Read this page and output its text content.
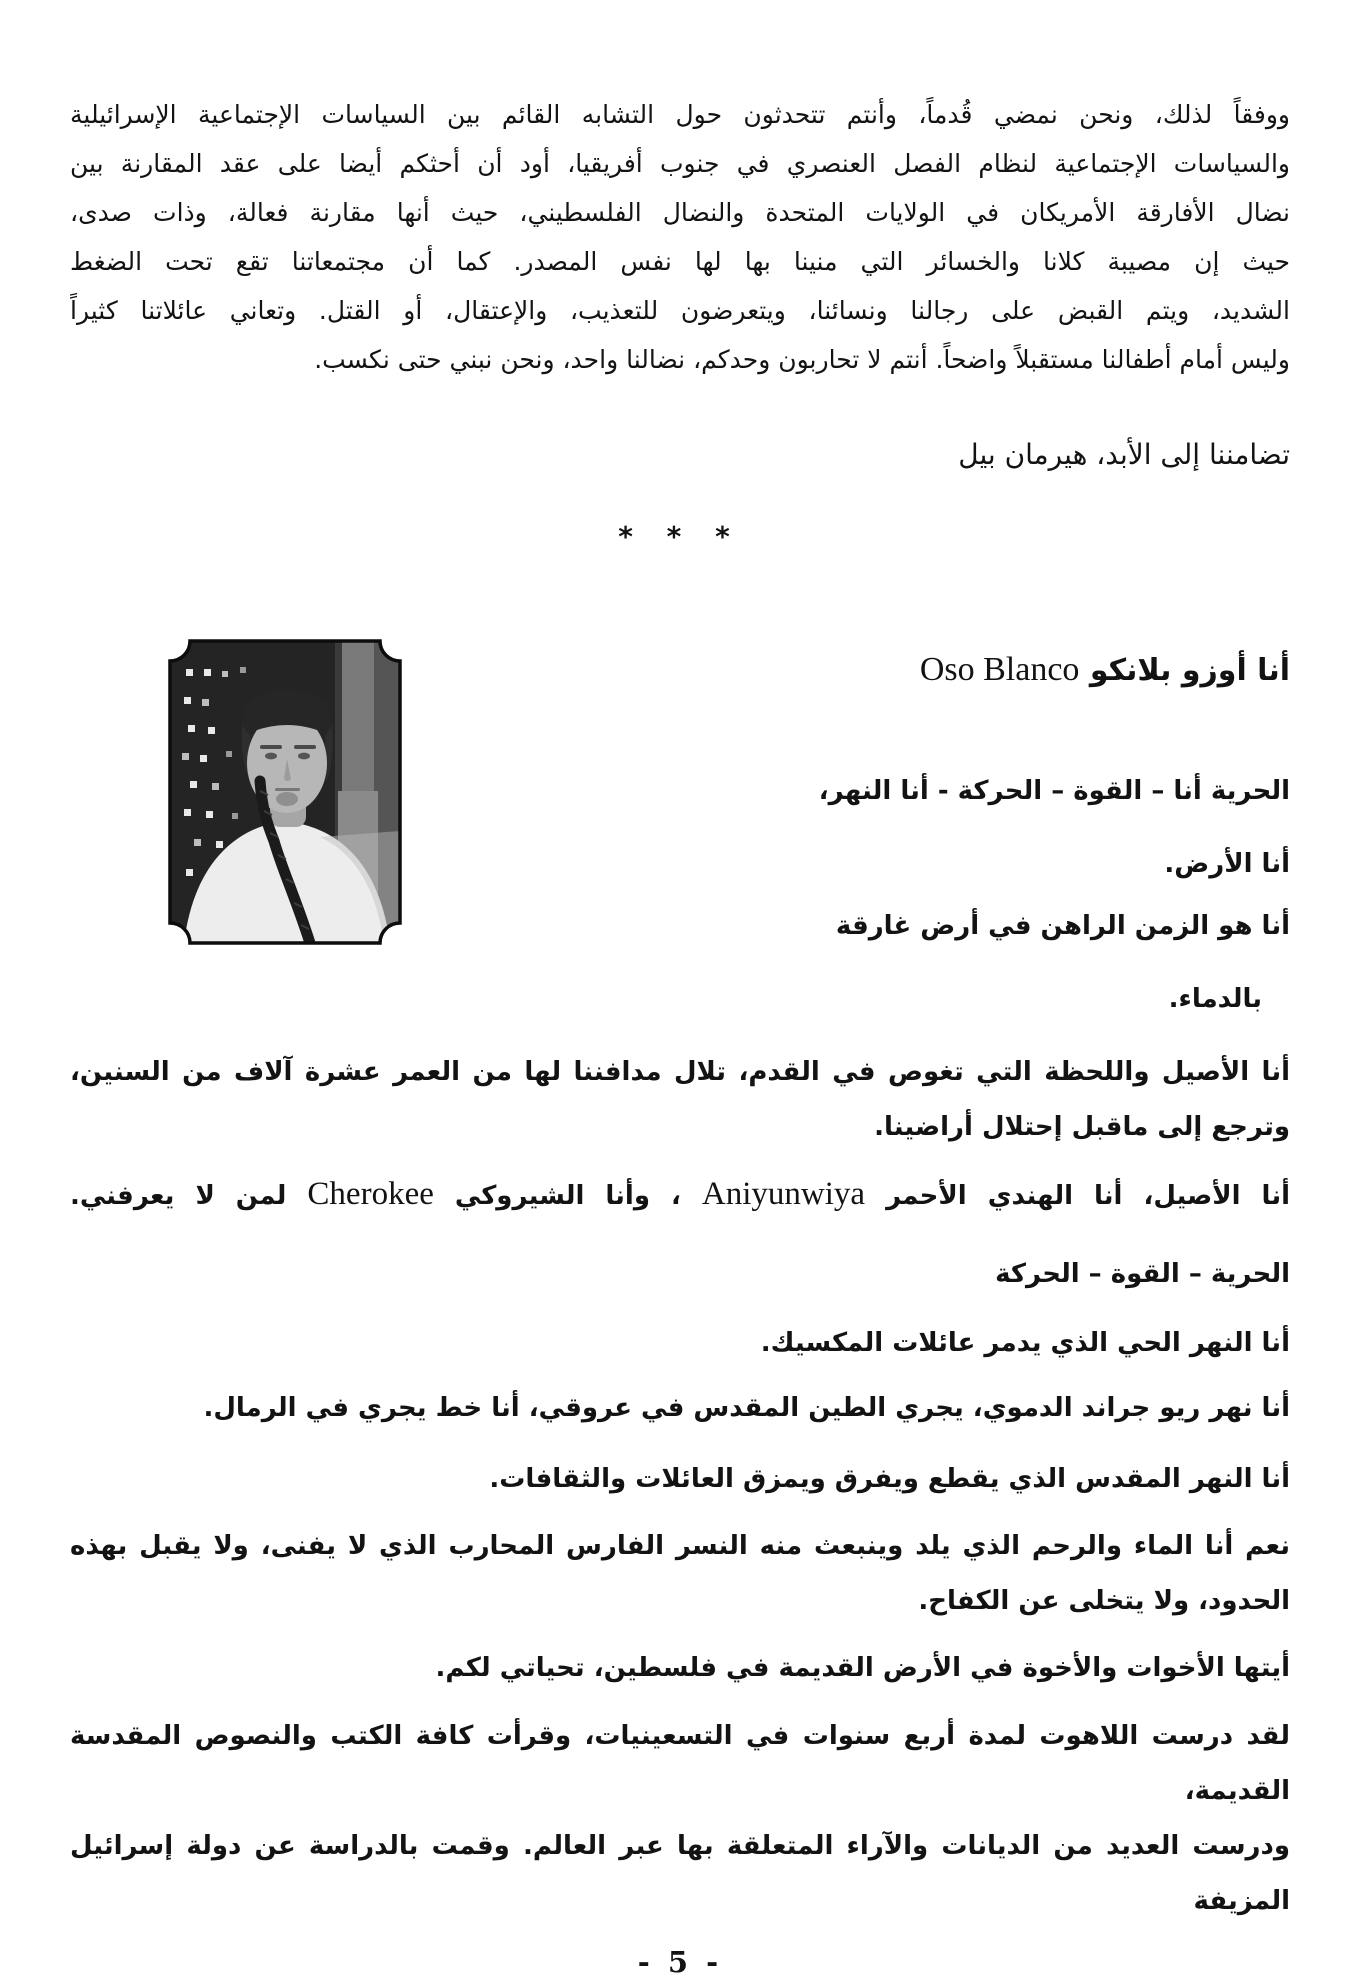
ووفقاً لذلك، ونحن نمضي قُدماً، وأنتم تتحدثون حول التشابه القائم بين السياسات الإجتماعية الإسرائيلية
والسياسات الإجتماعية لنظام الفصل العنصري في جنوب أفريقيا، أود أن أحثكم أيضا على عقد المقارنة بين
نضال الأفارقة الأمريكان في الولايات المتحدة والنضال الفلسطيني، حيث أنها مقارنة فعالة، وذات صدى،
حيث إن مصيبة كلانا والخسائر التي منينا بها لها نفس المصدر. كما أن مجتمعاتنا تقع تحت الضغط
الشديد، ويتم القبض على رجالنا ونسائنا، ويتعرضون للتعذيب، والإعتقال، أو القتل. وتعاني عائلاتنا كثيراً
وليس أمام أطفالنا مستقبلاً واضحاً. أنتم لا تحاربون وحدكم، نضالنا واحد، ونحن نبني حتى نكسب.
تضامننا إلى الأبد، هيرمان بيل
* * *
أنا أوزو بلانكو Oso Blanco
الحرية أنا – القوة – الحركة - أنا النهر،
أنا الأرض.
أنا هو الزمن الراهن في أرض غارقة
بالدماء.
أنا الأصيل واللحظة التي تغوص في القدم، تلال مدافننا لها من العمر عشرة آلاف من السنين،
وترجع إلى ماقبل إحتلال أراضينا.
أنا الأصيل، أنا الهندي الأحمر Aniyunwiya ، وأنا الشيروكي Cherokee لمن لا يعرفني.
الحرية – القوة – الحركة
أنا النهر الحي الذي يدمر عائلات المكسيك.
أنا نهر ريو جراند الدموي، يجري الطين المقدس في عروقي، أنا خط يجري في الرمال.
أنا النهر المقدس الذي يقطع ويفرق ويمزق العائلات والثقافات.
نعم أنا الماء والرحم الذي يلد وينبعث منه النسر الفارس المحارب الذي لا يفنى، ولا يقبل بهذه
الحدود، ولا يتخلى عن الكفاح.
أيتها الأخوات والأخوة في الأرض القديمة في فلسطين، تحياتي لكم.
لقد درست اللاهوت لمدة أربع سنوات في التسعينيات، وقرأت كافة الكتب والنصوص المقدسة القديمة،
ودرست العديد من الديانات والآراء المتعلقة بها عبر العالم. وقمت بالدراسة عن دولة إسرائيل المزيفة
- 5 -
